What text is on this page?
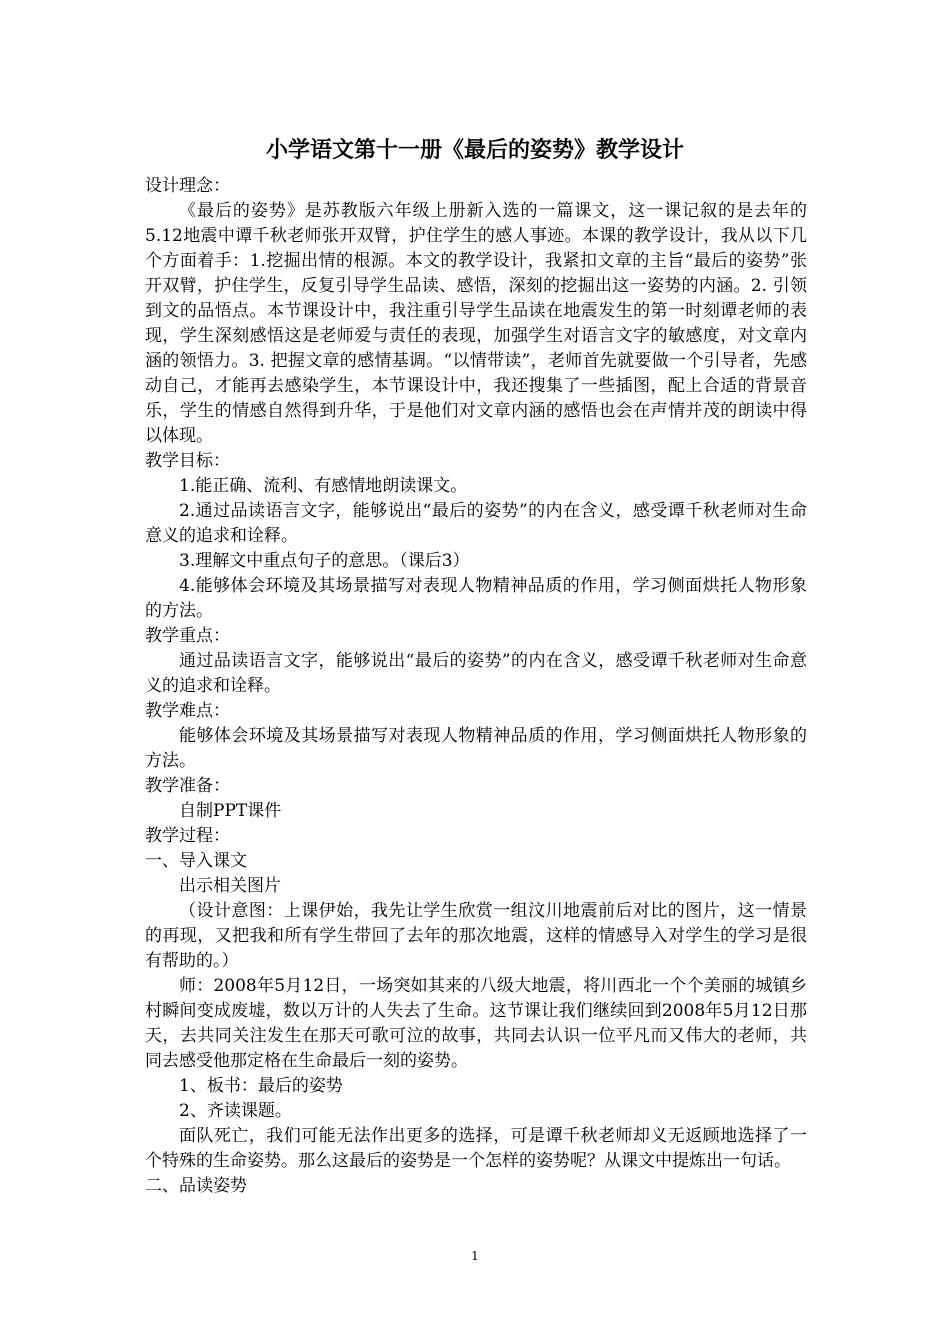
小学语文第十一册《最后的姿势》教学设计

设计理念：

《最后的姿势》是苏教版六年级上册新入选的一篇课文，这一课记叙的是去年的5.12地震中谭千秋老师张开双臂，护住学生的感人事迹。本课的教学设计，我从以下几个方面着手：1.挖掘出情的根源。本文的教学设计，我紧扣文章的主旨“最后的姿势”张开双臂，护住学生，反复引导学生品读、感悟，深刻的挖掘出这一姿势的内涵。2. 引领到文的品悟点。本节课设计中，我注重引导学生品读在地震发生的第一时刻谭老师的表现，学生深刻感悟这是老师爱与责任的表现，加强学生对语言文字的敏感度，对文章内涵的领悟力。3. 把握文章的感情基调。“以情带读”，老师首先就要做一个引导者，先感动自己，才能再去感染学生，本节课设计中，我还搜集了一些插图，配上合适的背景音乐，学生的情感自然得到升华，于是他们对文章内涵的感悟也会在声情并茂的朗读中得以体现。

教学目标：

1.能正确、流利、有感情地朗读课文。

2.通过品读语言文字，能够说出“最后的姿势”的内在含义，感受谭千秋老师对生命意义的追求和诠释。

3.理解文中重点句子的意思。（课后3）

4.能够体会环境及其场景描写对表现人物精神品质的作用，学习侧面烘托人物形象的方法。

教学重点：

通过品读语言文字，能够说出“最后的姿势”的内在含义，感受谭千秋老师对生命意义的追求和诠释。

教学难点：

能够体会环境及其场景描写对表现人物精神品质的作用，学习侧面烘托人物形象的方法。

教学准备：

自制PPT课件

教学过程：

一、导入课文

出示相关图片

（设计意图：上课伊始，我先让学生欣赏一组汶川地震前后对比的图片，这一情景的再现，又把我和所有学生带回了去年的那次地震，这样的情感导入对学生的学习是很有帮助的。）

师：2008年5月12日，一场突如其来的八级大地震，将川西北一个个美丽的城镇乡村瞬间变成废墟，数以万计的人失去了生命。这节课让我们继续回到2008年5月12日那天，去共同关注发生在那天可歌可泣的故事，共同去认识一位平凡而又伟大的老师，共同去感受他那定格在生命最后一刻的姿势。

1、板书：最后的姿势

2、齐读课题。

面队死亡，我们可能无法作出更多的选择，可是谭千秋老师却义无返顾地选择了一个特殊的生命姿势。那么这最后的姿势是一个怎样的姿势呢？从课文中提炼出一句话。

二、品读姿势

1
